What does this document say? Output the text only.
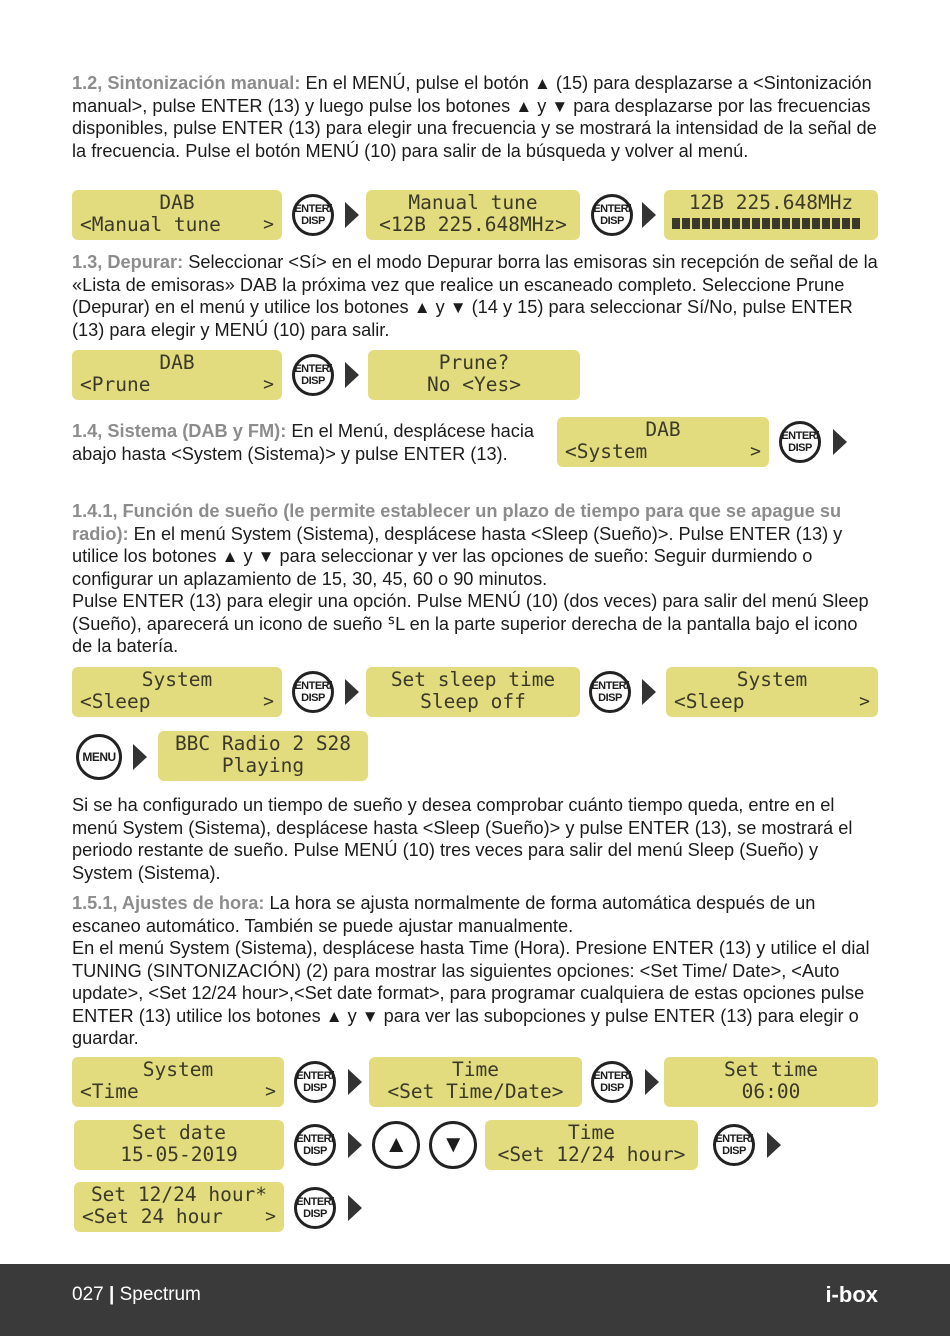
1.2, Sintonización manual: En el MENÚ, pulse el botón ▲ (15) para desplazarse a <Sintonización manual>, pulse ENTER (13) y luego pulse los botones ▲ y ▼ para desplazarse por las frecuencias disponibles, pulse ENTER (13) para elegir una frecuencia y se mostrará la intensidad de la señal de la frecuencia. Pulse el botón MENÚ (10) para salir de la búsqueda y volver al menú.

DAB
<Manual tune	>
ENTER/
DISP
Manual tune
<12B 225.648MHz>
ENTER/
DISP
12B 225.648MHz

1.3, Depurar: Seleccionar <Sí> en el modo Depurar borra las emisoras sin recepción de señal de la «Lista de emisoras» DAB la próxima vez que realice un escaneado completo. Seleccione Prune (Depurar) en el menú y utilice los botones ▲ y ▼ (14 y 15) para seleccionar Sí/No, pulse ENTER (13) para elegir y MENÚ (10) para salir.

DAB
<Prune	>
ENTER/
DISP
Prune?
No <Yes>

1.4, Sistema (DAB y FM): En el Menú, desplácese hacia abajo hasta <System (Sistema)> y pulse ENTER (13).

DAB
<System	>
ENTER/
DISP

1.4.1, Función de sueño (le permite establecer un plazo de tiempo para que se apague su radio): En el menú System (Sistema), desplácese hasta <Sleep (Sueño)>. Pulse ENTER (13) y utilice los botones ▲ y ▼ para seleccionar y ver las opciones de sueño: Seguir durmiendo o configurar un aplazamiento de 15, 30, 45, 60 o 90 minutos.
Pulse ENTER (13) para elegir una opción. Pulse MENÚ (10) (dos veces) para salir del menú Sleep (Sueño), aparecerá un icono de sueño ᔆL en la parte superior derecha de la pantalla bajo el icono de la batería.

System
<Sleep	>
ENTER/
DISP
Set sleep time
Sleep off
ENTER/
DISP
System
<Sleep	>
MENU
BBC Radio 2 S28
Playing

Si se ha configurado un tiempo de sueño y desea comprobar cuánto tiempo queda, entre en el menú System (Sistema), desplácese hasta <Sleep (Sueño)> y pulse ENTER (13), se mostrará el periodo restante de sueño. Pulse MENÚ (10) tres veces para salir del menú Sleep (Sueño) y System (Sistema).

1.5.1, Ajustes de hora: La hora se ajusta normalmente de forma automática después de un escaneo automático. También se puede ajustar manualmente.
En el menú System (Sistema), desplácese hasta Time (Hora). Presione ENTER (13) y utilice el dial TUNING (SINTONIZACIÓN) (2) para mostrar las siguientes opciones: <Set Time/ Date>, <Auto update>, <Set 12/24 hour>,<Set date format>, para programar cualquiera de estas opciones pulse ENTER (13) utilice los botones ▲ y ▼ para ver las subopciones y pulse ENTER (13) para elegir o guardar.

System
<Time	>
ENTER/
DISP
Time
<Set Time/Date>
ENTER/
DISP
Set time
06:00
Set date
15-05-2019
ENTER/
DISP ▲ ▼	Time
<Set 12/24 hour>
ENTER/
DISP
Set 12/24 hour*
<Set 24 hour	>
ENTER/
DISP
027 | Spectrum	i-box
